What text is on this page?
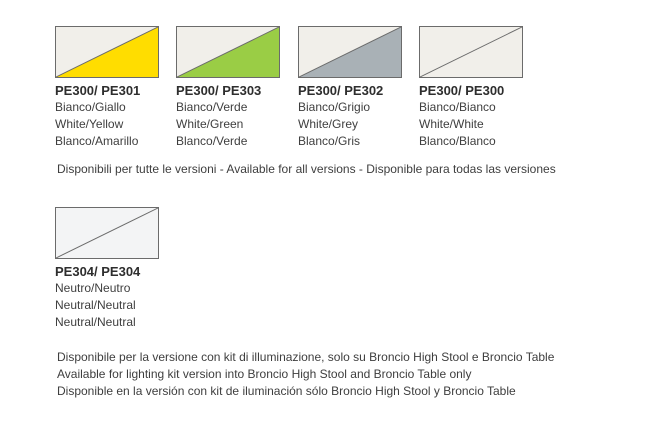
PE300/ PE301
Bianco/Giallo
White/Yellow
Blanco/Amarillo
PE300/ PE303
Bianco/Verde
White/Green
Blanco/Verde
PE300/ PE302
Bianco/Grigio
White/Grey
Blanco/Gris
PE300/ PE300
Bianco/Bianco
White/White
Blanco/Blanco
Disponibili per tutte le versioni - Available for all versions - Disponible para todas las versiones
PE304/ PE304
Neutro/Neutro
Neutral/Neutral
Neutral/Neutral
Disponibile per la versione con kit di illuminazione, solo su Broncio High Stool e Broncio Table
Available for lighting kit version into Broncio High Stool and Broncio Table only
Disponible en la versión con kit de iluminación sólo Broncio High Stool y Broncio Table
